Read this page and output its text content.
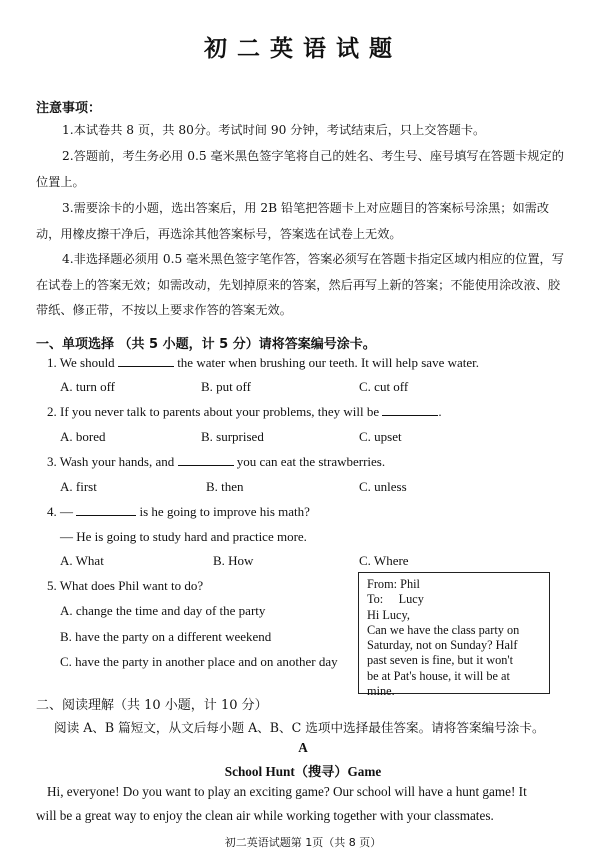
初二英语试题
注意事项：
1.本试卷共 8 页，共 80分。考试时间 90 分钟，考试结束后，只上交答题卡。
2.答题前，考生务必用 0.5 毫米黑色签字笔将自己的姓名、考生号、座号填写在答题卡规定的位置上。
3.需要涂卡的小题，选出答案后，用 2B 铅笔把答题卡上对应题目的答案标号涂黑；如需改动，用橡皮擦干净后，再选涂其他答案标号，答案选在试卷上无效。
4.非选择题必须用 0.5 毫米黑色签字笔作答，答案必须写在答题卡指定区域内相应的位置，写在试卷上的答案无效；如需改动，先划掉原来的答案，然后再写上新的答案；不能使用涂改液、胶带纸、修正带，不按以上要求作答的答案无效。
一、单项选择 （共 5 小题，计 5 分）请将答案编号涂卡。
1. We should	the water when brushing our teeth. It will help save water.
A. turn off	B. put off	C. cut off
2. If you never talk to parents about your problems, they will be	.
A. bored	B. surprised	C. upset
3. Wash your hands, and	you can eat the strawberries.
A. first	B. then	C. unless
4. —	is he going to improve his math?
— He is going to study hard and practice more.
A. What	B. How	C. Where
5. What does Phil want to do?
A. change the time and day of the party
B. have the party on a different weekend
C. have the party in another place and on another day
From: Phil
To:     Lucy
Hi Lucy,
Can we have the class party on
Saturday, not on Sunday? Half
past seven is fine, but it won't
be at Pat's house, it will be at
mine.
二、阅读理解（共 10 小题，计 10 分）
阅读 A、B 篇短文，从文后每小题 A、B、C 选项中选择最佳答案。请将答案编号涂卡。
A
School Hunt（搜寻）Game
Hi, everyone! Do you want to play an exciting game? Our school will have a hunt game! It
will be a great way to enjoy the clean air while working together with your classmates.
初二英语试题第 1页（共 8 页）
